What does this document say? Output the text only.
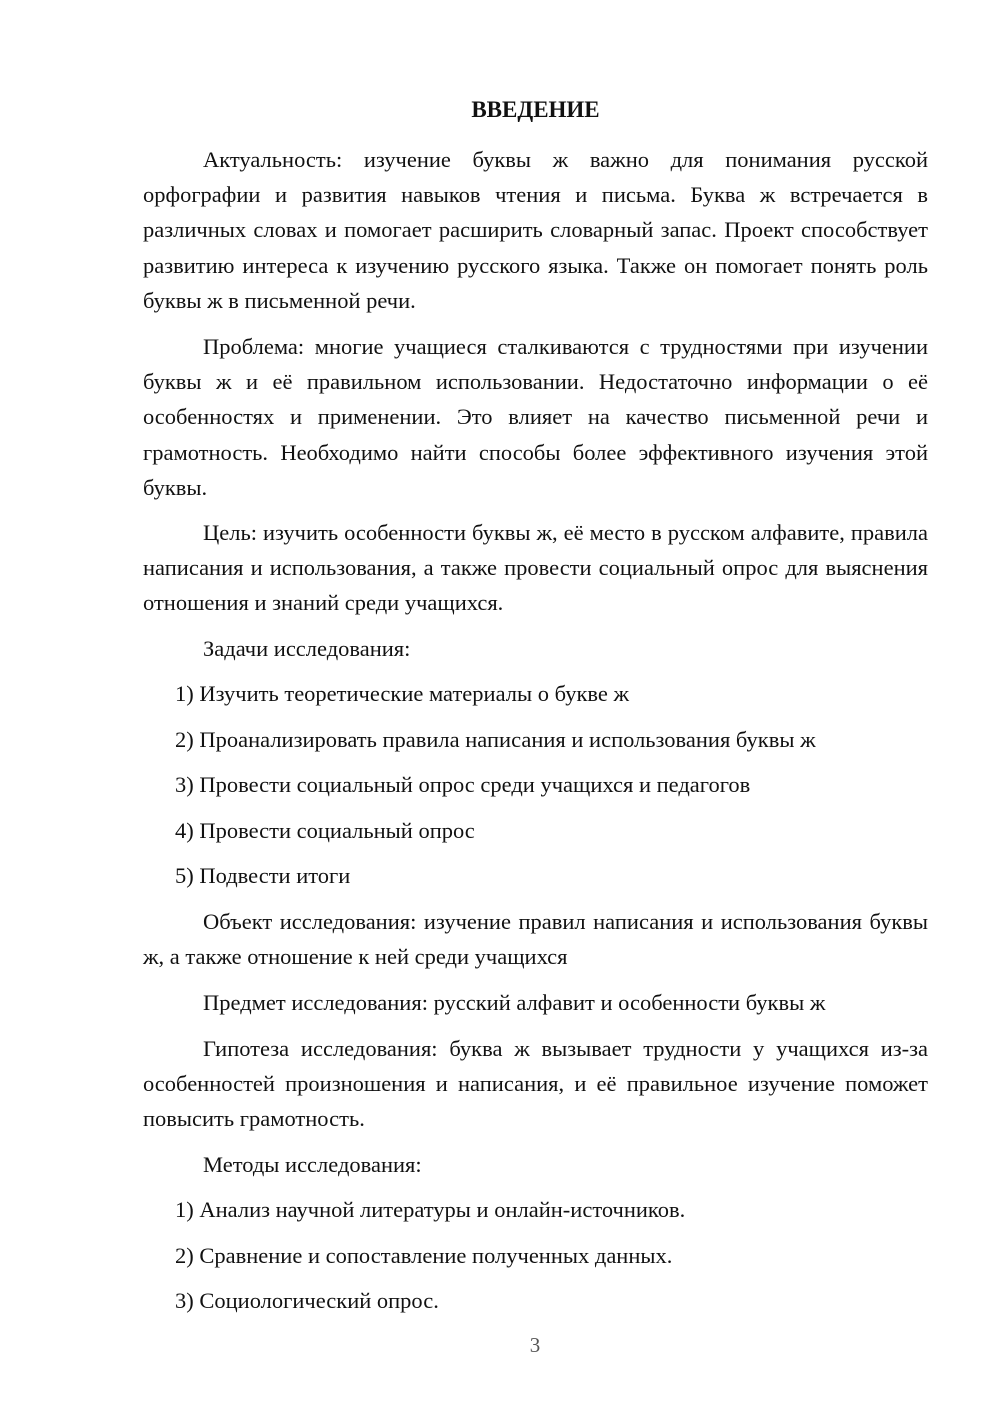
ВВЕДЕНИЕ

Актуальность: изучение буквы ж важно для понимания русской орфографии и развития навыков чтения и письма. Буква ж встречается в различных словах и помогает расширить словарный запас. Проект способствует развитию интереса к изучению русского языка. Также он помогает понять роль буквы ж в письменной речи.

Проблема: многие учащиеся сталкиваются с трудностями при изучении буквы ж и её правильном использовании. Недостаточно информации о её особенностях и применении. Это влияет на качество письменной речи и грамотность. Необходимо найти способы более эффективного изучения этой буквы.

Цель: изучить особенности буквы ж, её место в русском алфавите, правила написания и использования, а также провести социальный опрос для выяснения отношения и знаний среди учащихся.

Задачи исследования:

1) Изучить теоретические материалы о букве ж

2) Проанализировать правила написания и использования буквы ж

3) Провести социальный опрос среди учащихся и педагогов

4) Провести социальный опрос

5) Подвести итоги

Объект исследования: изучение правил написания и использования буквы ж, а также отношение к ней среди учащихся

Предмет исследования: русский алфавит и особенности буквы ж

Гипотеза исследования: буква ж вызывает трудности у учащихся из-за особенностей произношения и написания, и её правильное изучение поможет повысить грамотность.

Методы исследования:

1) Анализ научной литературы и онлайн-источников.

2) Сравнение и сопоставление полученных данных.

3) Социологический опрос.

3
